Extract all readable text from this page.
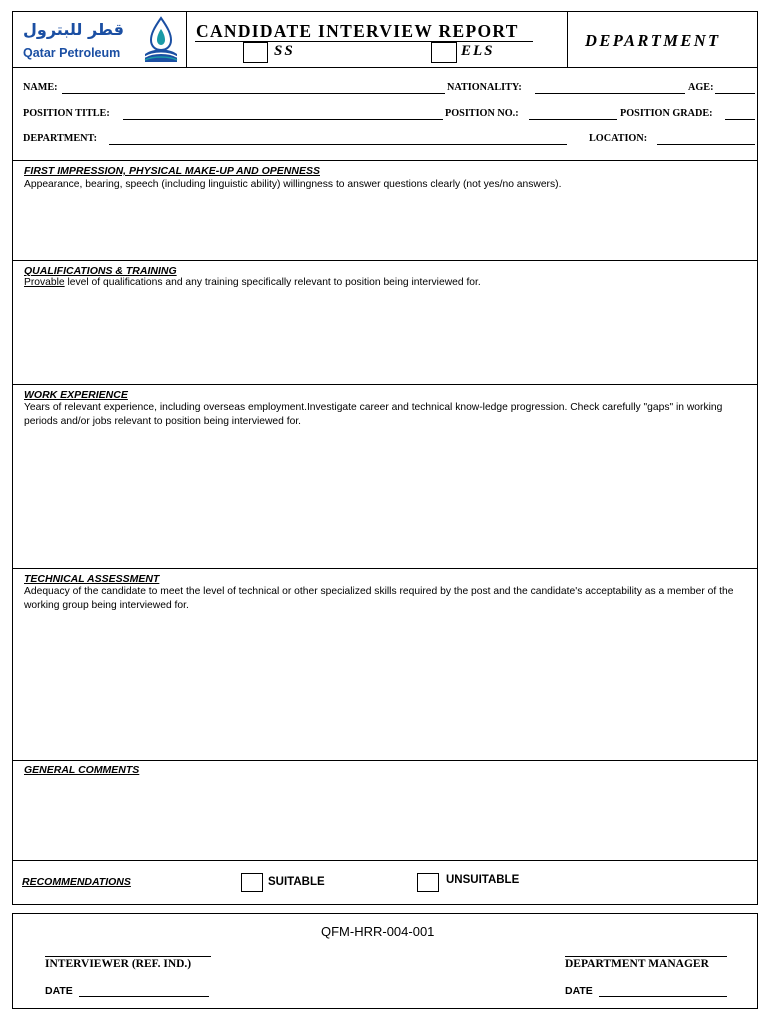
قطر للبترول
Qatar Petroleum
CANDIDATE INTERVIEW REPORT
SS	ELS
DEPARTMENT
NAME:	NATIONALITY:	AGE:
POSITION TITLE:	POSITION NO.:	POSITION GRADE:
DEPARTMENT:	LOCATION:
FIRST IMPRESSION, PHYSICAL MAKE-UP AND OPENNESS
Appearance, bearing, speech (including linguistic ability) willingness to answer questions clearly (not yes/no answers).
QUALIFICATIONS & TRAINING
Provable level of qualifications and any training specifically relevant to position being interviewed for.
WORK EXPERIENCE
Years of relevant experience, including overseas employment.Investigate career and technical know-ledge progression. Check carefully "gaps" in working periods and/or jobs relevant to position being interviewed for.
TECHNICAL ASSESSMENT
Adequacy of the candidate to meet the level of technical or other specialized skills required by the post and the candidate's acceptability as a member of the working group being interviewed for.
GENERAL COMMENTS
RECOMMENDATIONS	SUITABLE	UNSUITABLE
QFM-HRR-004-001
INTERVIEWER (REF. IND.)
DATE
DEPARTMENT MANAGER
DATE
